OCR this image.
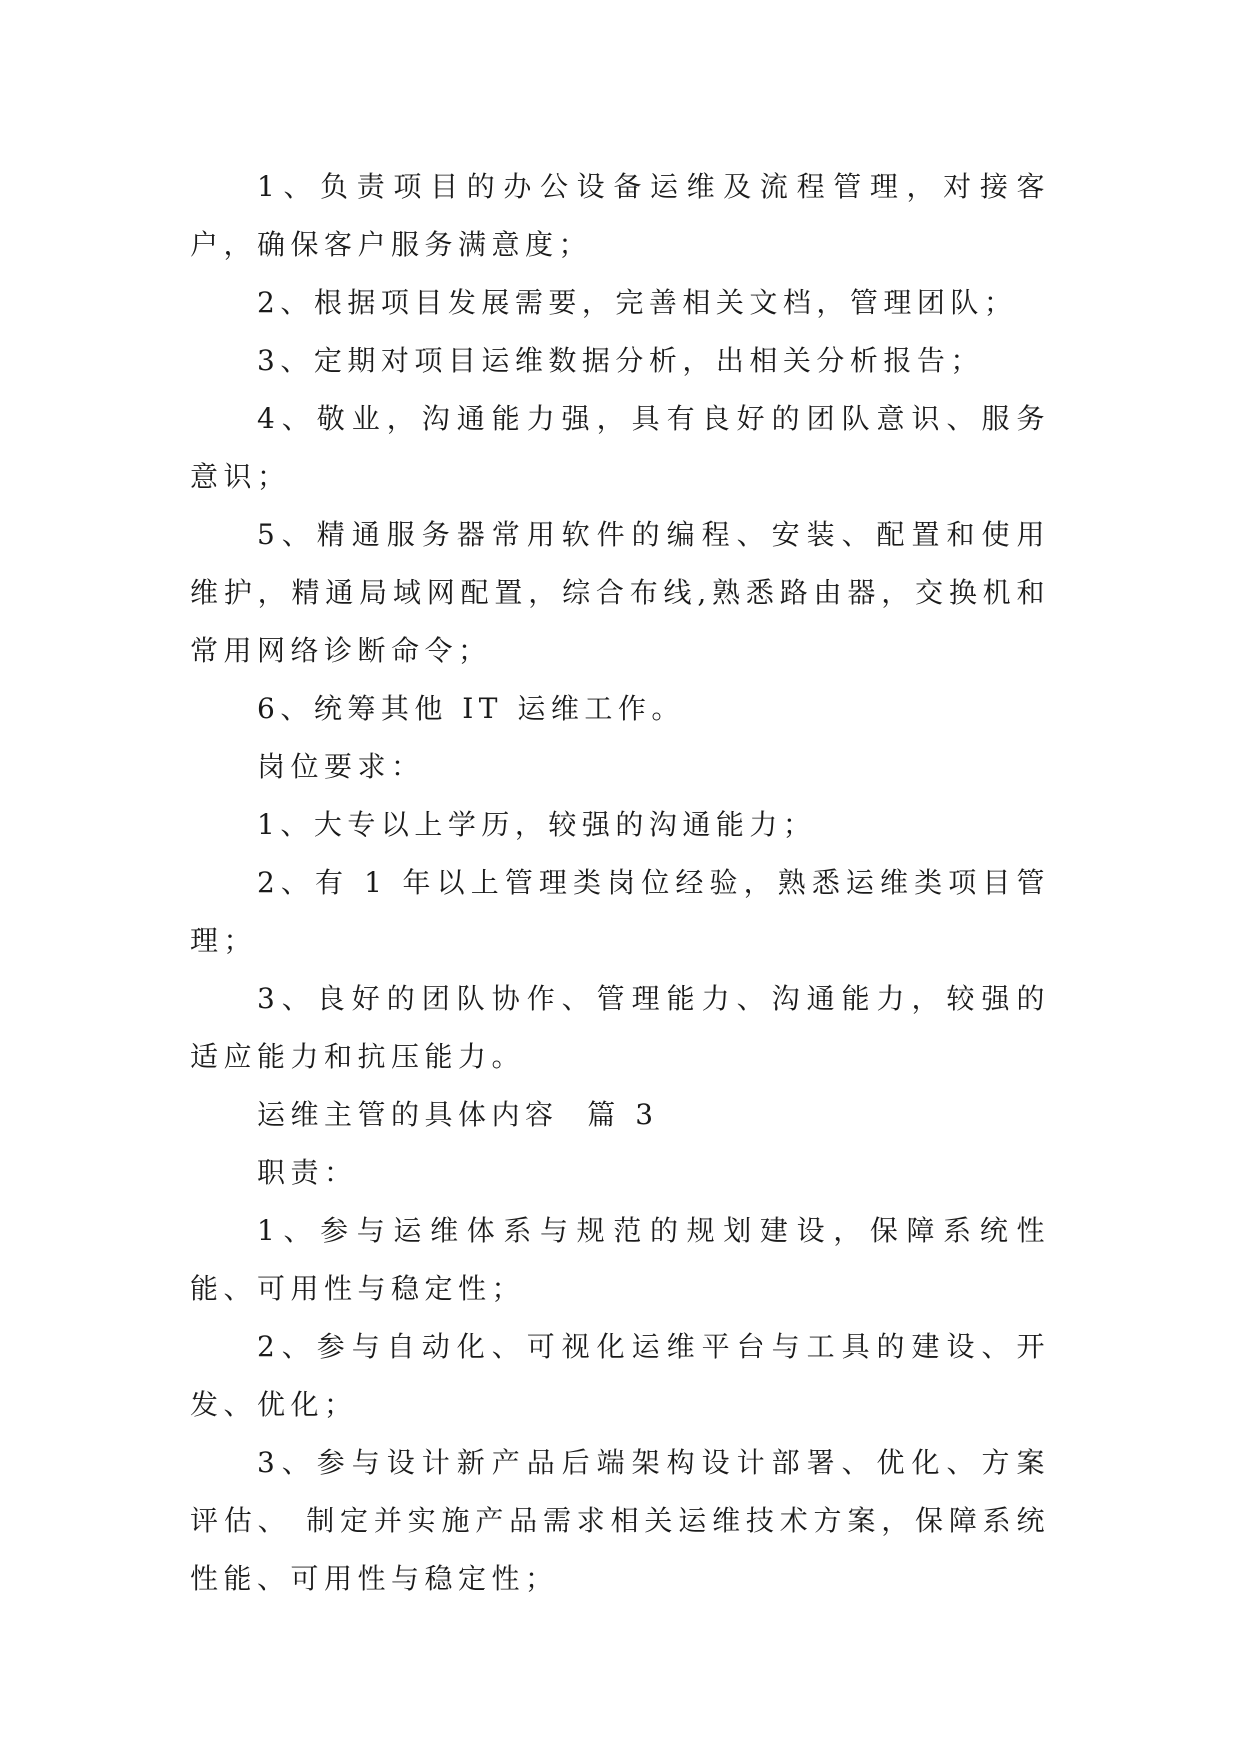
1、负责项目的办公设备运维及流程管理，对接客户，确保客户服务满意度；

2、根据项目发展需要，完善相关文档，管理团队；

3、定期对项目运维数据分析，出相关分析报告；

4、敬业，沟通能力强，具有良好的团队意识、服务意识；

5、精通服务器常用软件的编程、安装、配置和使用维护，精通局域网配置，综合布线,熟悉路由器，交换机和常用网络诊断命令；

6、统筹其他 IT 运维工作。

岗位要求：

1、大专以上学历，较强的沟通能力；

2、有 1 年以上管理类岗位经验，熟悉运维类项目管理；

3、良好的团队协作、管理能力、沟通能力，较强的适应能力和抗压能力。

运维主管的具体内容  篇 3

职责：

1、参与运维体系与规范的规划建设，保障系统性能、可用性与稳定性；

2、参与自动化、可视化运维平台与工具的建设、开发、优化；

3、参与设计新产品后端架构设计部署、优化、方案评估、 制定并实施产品需求相关运维技术方案，保障系统性能、可用性与稳定性；
